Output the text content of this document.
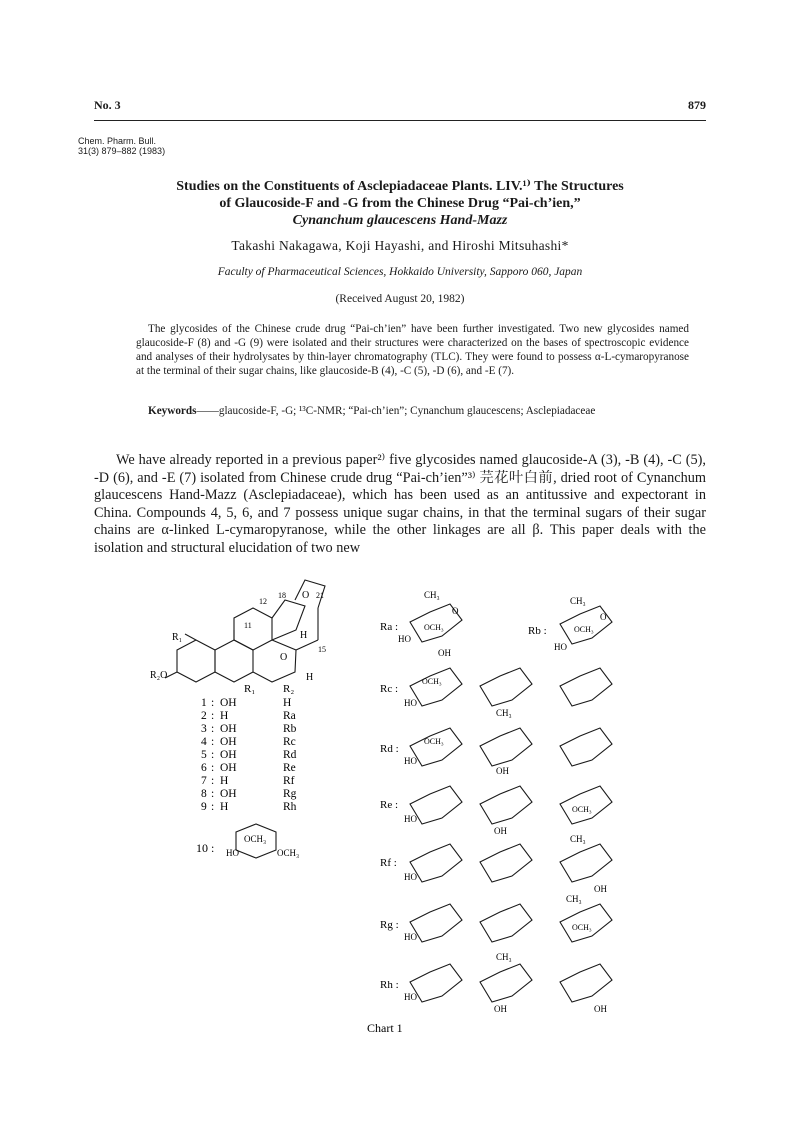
No. 3	879
Chem. Pharm. Bull.
31(3) 879–882 (1983)
Studies on the Constituents of Asclepiadaceae Plants. LIV.¹⁾ The Structures
of Glaucoside-F and -G from the Chinese Drug “Pai-ch’ien,”
Cynanchum glaucescens Hand-Mazz
Takashi Nakagawa, Koji Hayashi, and Hiroshi Mitsuhashi*
Faculty of Pharmaceutical Sciences, Hokkaido University, Sapporo 060, Japan
(Received August 20, 1982)

The glycosides of the Chinese crude drug “Pai-ch’ien” have been further investigated. Two new glycosides named glaucoside-F (8) and -G (9) were isolated and their structures were characterized on the bases of spectroscopic evidence and analyses of their hydrolysates by thin-layer chromatography (TLC). They were found to possess α-L-cymaropyranose at the terminal of their sugar chains, like glaucoside-B (4), -C (5), -D (6), and -E (7).

Keywords——glaucoside-F, -G; ¹³C-NMR; “Pai-ch’ien”; Cynanchum glaucescens; Asclepiadaceae

We have already reported in a previous paper²⁾ five glycosides named glaucoside-A (3), -B (4), -C (5), -D (6), and -E (7) isolated from Chinese crude drug “Pai-ch’ien”³⁾ 芫花叶白前, dried root of Cynanchum glaucescens Hand-Mazz (Asclepiadaceae), which has been used as an antitussive and expectorant in China. Compounds 4, 5, 6, and 7 possess unique sugar chains, in that the terminal sugars of their sugar chains are α-linked L-cymaropyranose, while the other linkages are all β. This paper deals with the isolation and structural elucidation of two new

11
12
18 O 21
H
15
H
O
R₁
R₂O
R₁	R₂
1 : OH	H
2 : H	Ra
3 : OH	Rb
4 : OH	Rc
5 : OH	Rd
6 : OH	Re
7 : H	Rf
8 : OH	Rg
9 : H	Rh
10 :
OCH₃
HO	OCH₃
Ra :
CH₃
OCH₃
HO
OH
O
Rb :
CH₃
OCH₃
HO
O
Rc :
OCH₃
HO
CH₃
Rd :
OCH₃
HO
OH
Re :
HO
OH
OCH₃
Rf :
HO
CH₃
OH
Rg :
HO
CH₃
OCH₃
Rh :
HO
CH₃
OH	OH
Chart 1
